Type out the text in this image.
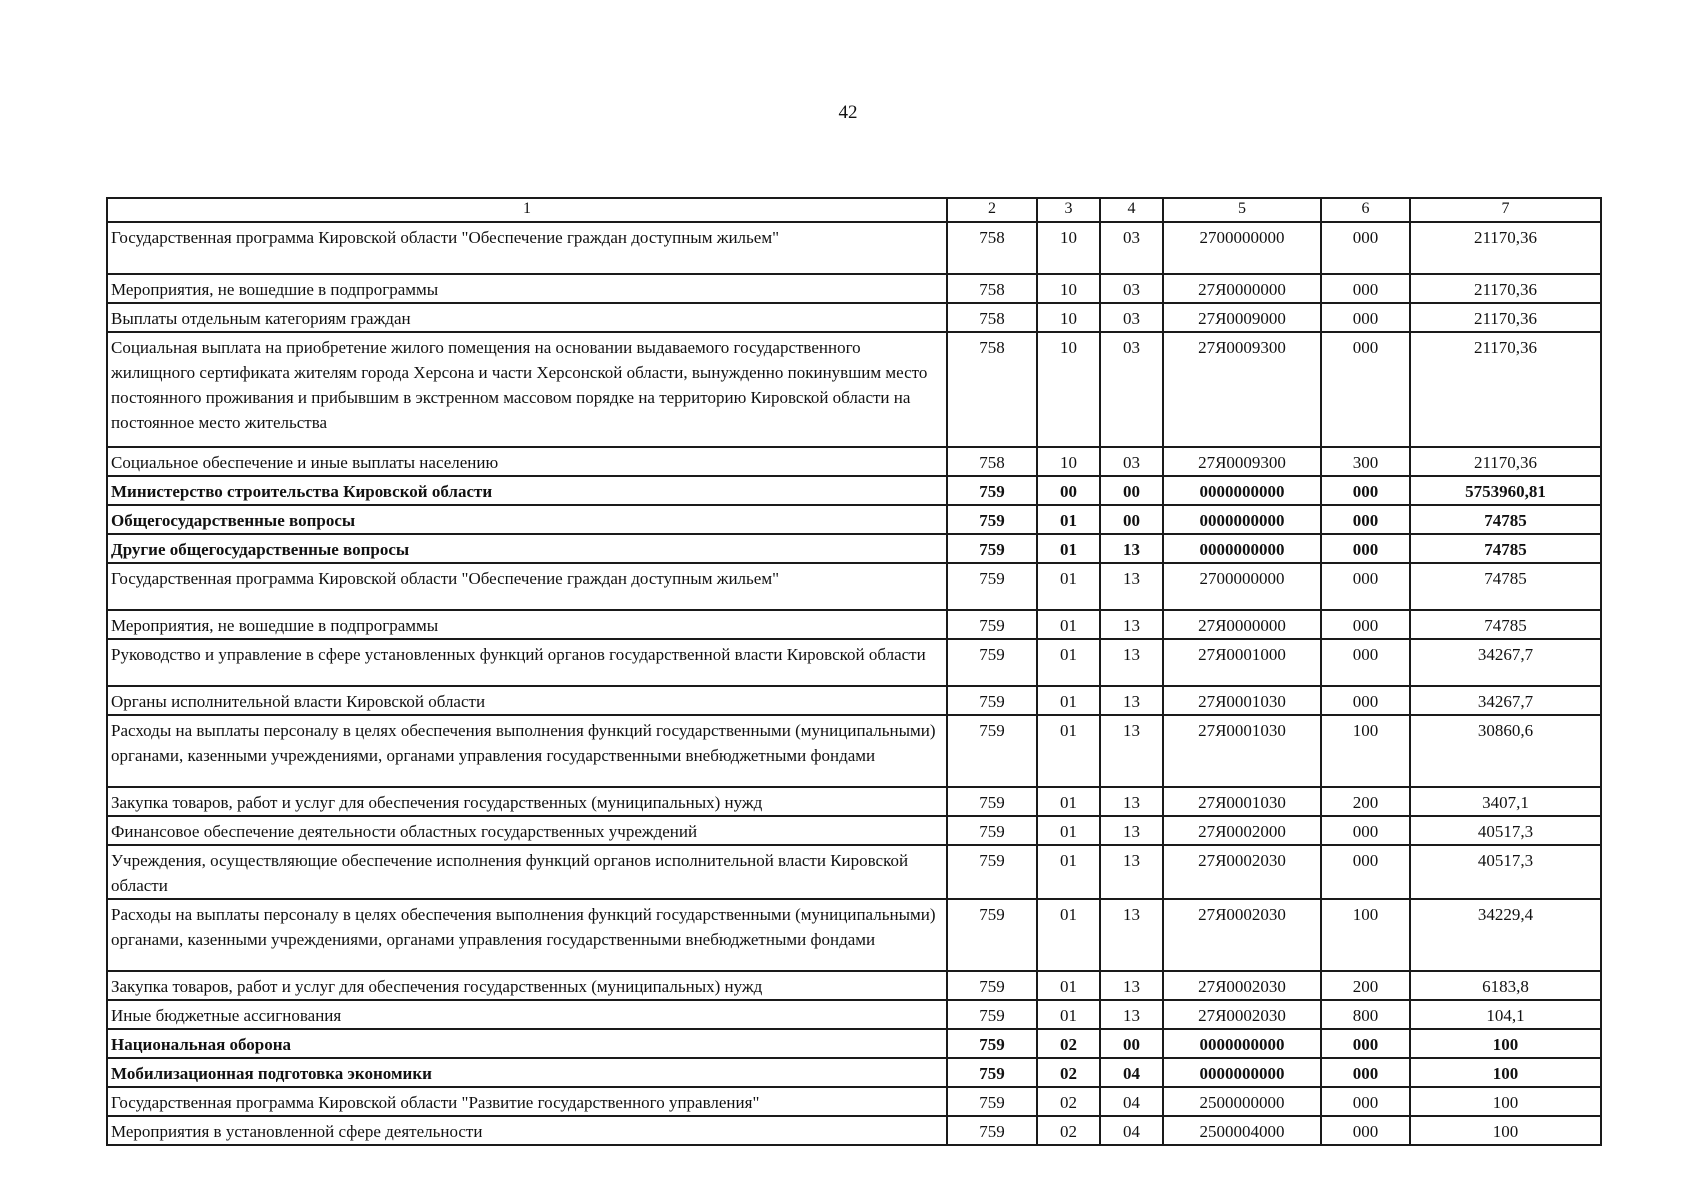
42
1	2	3	4	5	6	7
Государственная программа Кировской области "Обеспечение граждан доступным жильем"	758	10	03	2700000000	000	21170,36
Мероприятия, не вошедшие в подпрограммы	758	10	03	27Я0000000	000	21170,36
Выплаты отдельным категориям граждан	758	10	03	27Я0009000	000	21170,36
Социальная выплата на приобретение жилого помещения на основании выдаваемого государственного жилищного сертификата жителям города Херсона и части Херсонской области, вынужденно покинувшим место постоянного проживания и прибывшим в экстренном массовом порядке на территорию Кировской области на постоянное место жительства	758	10	03	27Я0009300	000	21170,36
Социальное обеспечение и иные выплаты населению	758	10	03	27Я0009300	300	21170,36
Министерство строительства Кировской области	759	00	00	0000000000	000	5753960,81
Общегосударственные вопросы	759	01	00	0000000000	000	74785
Другие общегосударственные вопросы	759	01	13	0000000000	000	74785
Государственная программа Кировской области "Обеспечение граждан доступным жильем"	759	01	13	2700000000	000	74785
Мероприятия, не вошедшие в подпрограммы	759	01	13	27Я0000000	000	74785
Руководство и управление в сфере установленных функций органов государственной власти Кировской области	759	01	13	27Я0001000	000	34267,7
Органы исполнительной власти Кировской области	759	01	13	27Я0001030	000	34267,7
Расходы на выплаты персоналу в целях обеспечения выполнения функций государственными (муниципальными) органами, казенными учреждениями, органами управления государственными внебюджетными фондами	759	01	13	27Я0001030	100	30860,6
Закупка товаров, работ и услуг для обеспечения государственных (муниципальных) нужд	759	01	13	27Я0001030	200	3407,1
Финансовое обеспечение деятельности областных государственных учреждений	759	01	13	27Я0002000	000	40517,3
Учреждения, осуществляющие обеспечение исполнения функций органов исполнительной власти Кировской области	759	01	13	27Я0002030	000	40517,3
Расходы на выплаты персоналу в целях обеспечения выполнения функций государственными (муниципальными) органами, казенными учреждениями, органами управления государственными внебюджетными фондами	759	01	13	27Я0002030	100	34229,4
Закупка товаров, работ и услуг для обеспечения государственных (муниципальных) нужд	759	01	13	27Я0002030	200	6183,8
Иные бюджетные ассигнования	759	01	13	27Я0002030	800	104,1
Национальная оборона	759	02	00	0000000000	000	100
Мобилизационная подготовка экономики	759	02	04	0000000000	000	100
Государственная программа Кировской области "Развитие государственного управления"	759	02	04	2500000000	000	100
Мероприятия в установленной сфере деятельности	759	02	04	2500004000	000	100
